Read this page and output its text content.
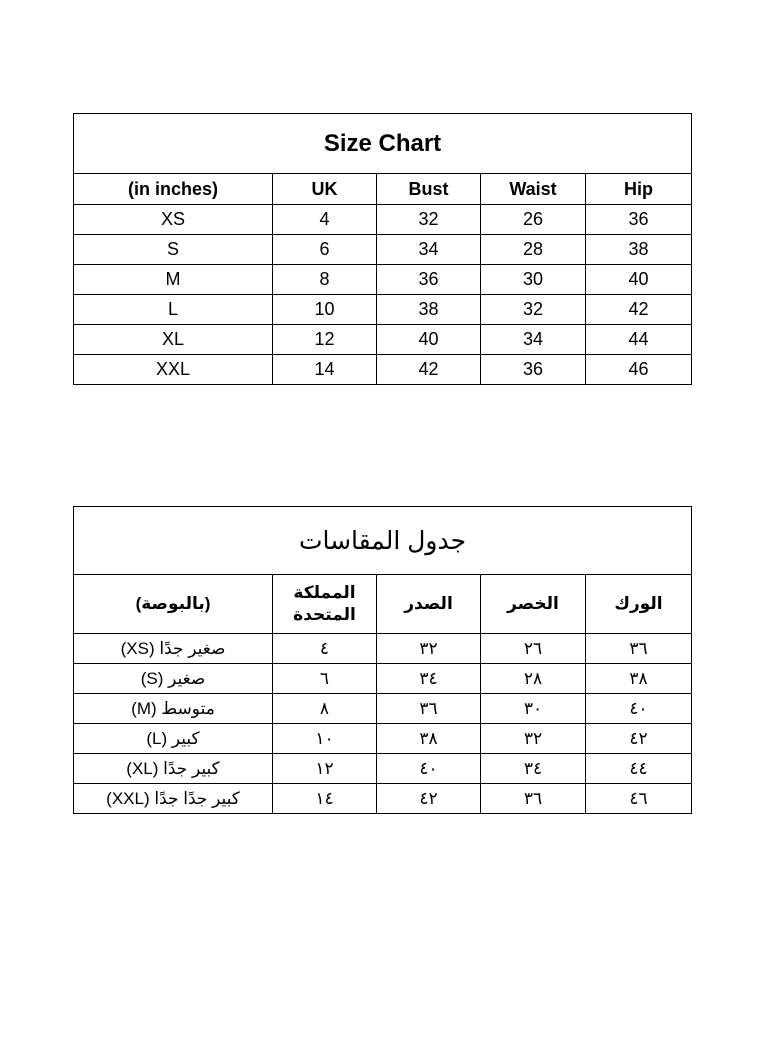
Size Chart				
(in inches)	UK	Bust	Waist	Hip
XS	4	32	26	36
S	6	34	28	38
M	8	36	30	40
L	10	38	32	42
XL	12	40	34	44
XXL	14	42	36	46
جدول المقاسات				
(بالبوصة)	المملكة المتحدة	الصدر	الخصر	الورك
صغير جدًا (XS)	٤	٣٢	٢٦	٣٦
صغير (S)	٦	٣٤	٢٨	٣٨
متوسط (M)	٨	٣٦	٣٠	٤٠
كبير (L)	١٠	٣٨	٣٢	٤٢
كبير جدًا (XL)	١٢	٤٠	٣٤	٤٤
كبير جدًا جدًا (XXL)	١٤	٤٢	٣٦	٤٦
